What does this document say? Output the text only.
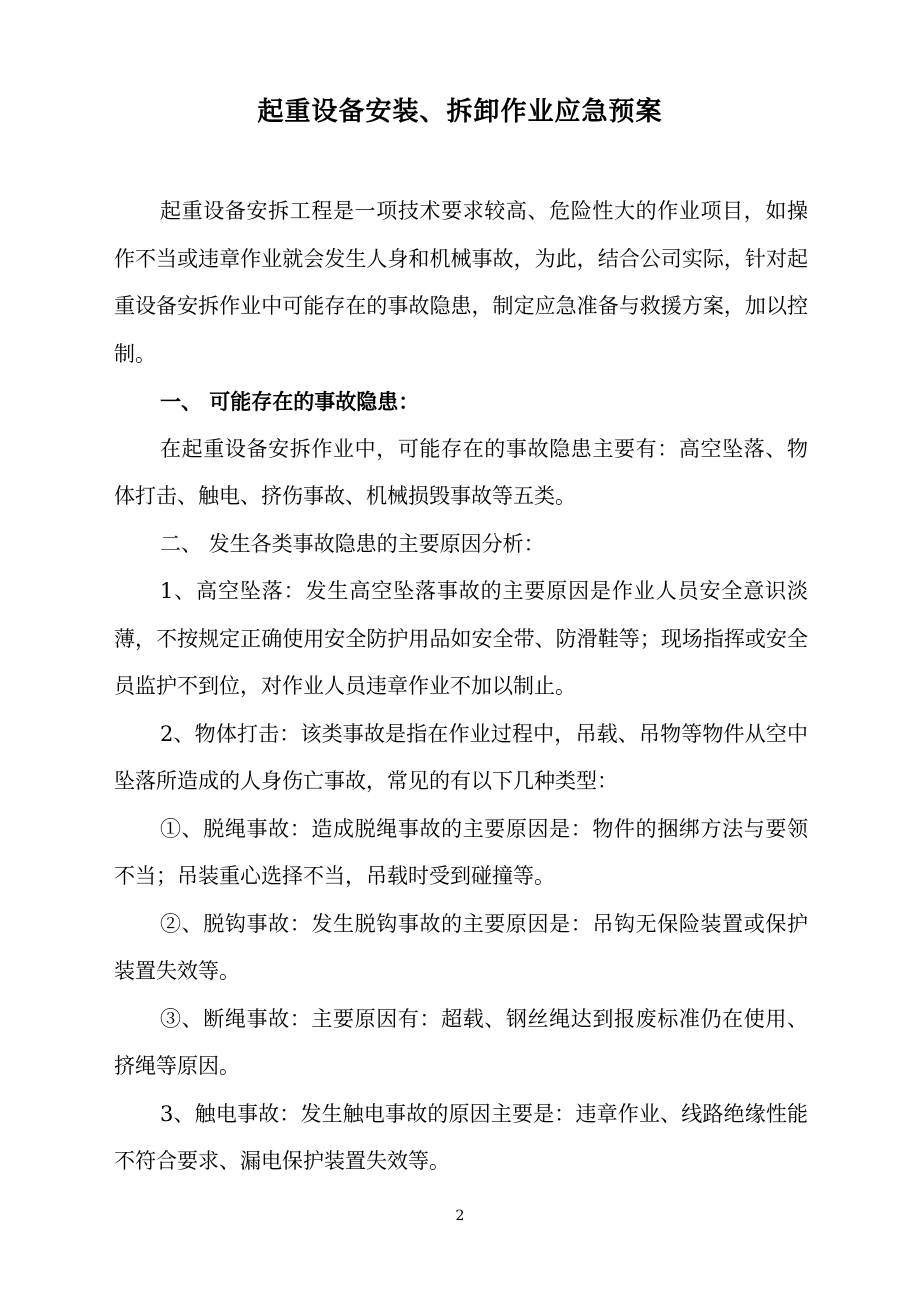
起重设备安装、拆卸作业应急预案

起重设备安拆工程是一项技术要求较高、危险性大的作业项目，如操作不当或违章作业就会发生人身和机械事故，为此，结合公司实际，针对起重设备安拆作业中可能存在的事故隐患，制定应急准备与救援方案，加以控制。

一、 可能存在的事故隐患：

在起重设备安拆作业中，可能存在的事故隐患主要有：高空坠落、物体打击、触电、挤伤事故、机械损毁事故等五类。

二、 发生各类事故隐患的主要原因分析：

1、高空坠落：发生高空坠落事故的主要原因是作业人员安全意识淡薄，不按规定正确使用安全防护用品如安全带、防滑鞋等；现场指挥或安全员监护不到位，对作业人员违章作业不加以制止。

2、物体打击：该类事故是指在作业过程中，吊载、吊物等物件从空中坠落所造成的人身伤亡事故，常见的有以下几种类型：

①、脱绳事故：造成脱绳事故的主要原因是：物件的捆绑方法与要领不当；吊装重心选择不当，吊载时受到碰撞等。

②、脱钩事故：发生脱钩事故的主要原因是：吊钩无保险装置或保护装置失效等。

③、断绳事故：主要原因有：超载、钢丝绳达到报废标准仍在使用、挤绳等原因。

3、触电事故：发生触电事故的原因主要是：违章作业、线路绝缘性能不符合要求、漏电保护装置失效等。

2
